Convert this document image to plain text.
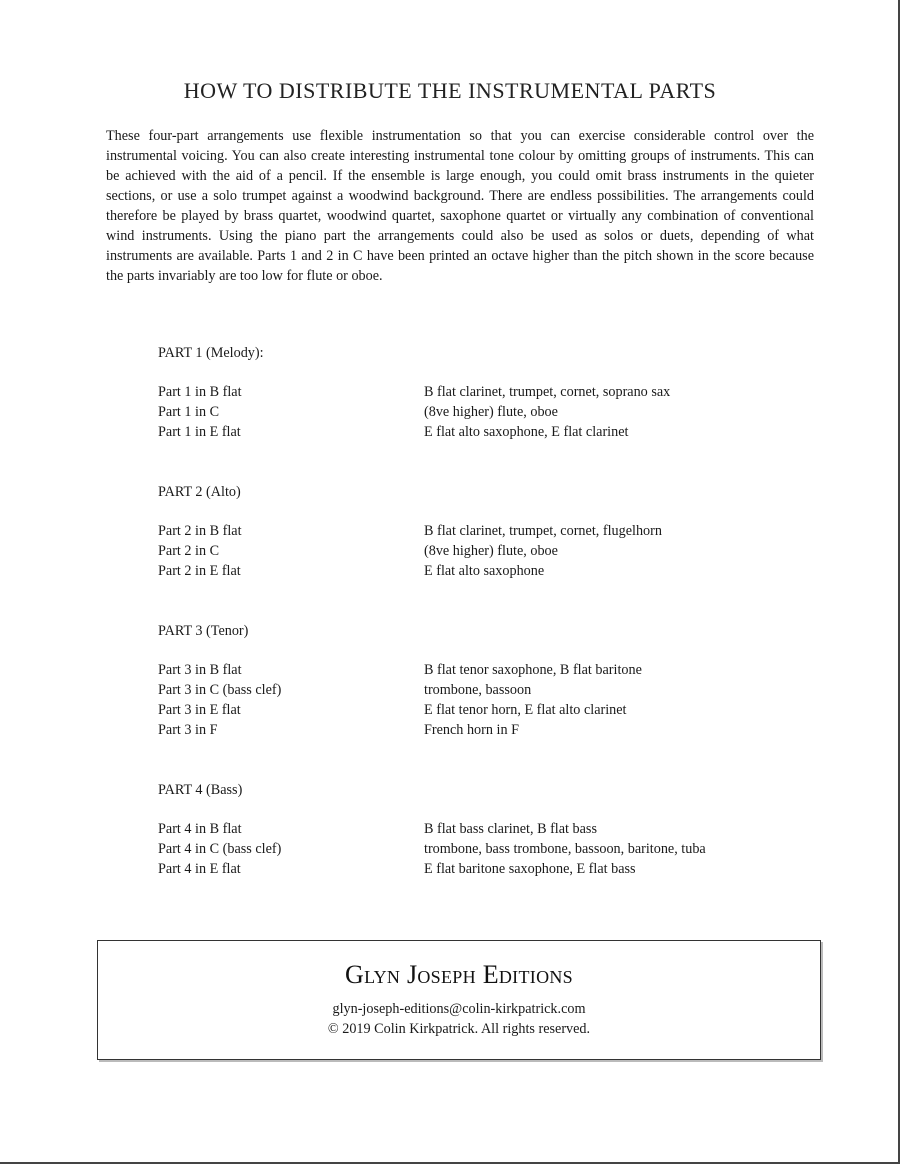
HOW TO DISTRIBUTE THE INSTRUMENTAL PARTS

These four-part arrangements use flexible instrumentation so that you can exercise considerable control over the instrumental voicing. You can also create interesting instrumental tone colour by omitting groups of instruments. This can be achieved with the aid of a pencil. If the ensemble is large enough, you could omit brass instruments in the quieter sections, or use a solo trumpet against a woodwind background. There are endless possibilities. The arrangements could therefore be played by brass quartet, woodwind quartet, saxophone quartet or virtually any combination of conventional wind instruments. Using the piano part the arrangements could also be used as solos or duets, depending of what instruments are available. Parts 1 and 2 in C have been printed an octave higher than the pitch shown in the score because the parts invariably are too low for flute or oboe.

PART 1 (Melody):
Part 1 in B flat	B flat clarinet, trumpet, cornet, soprano sax
Part 1 in C	(8ve higher) flute, oboe
Part 1 in E flat	E flat alto saxophone, E flat clarinet
PART 2 (Alto)
Part 2 in B flat	B flat clarinet, trumpet, cornet, flugelhorn
Part 2 in C	(8ve higher) flute, oboe
Part 2 in E flat	E flat alto saxophone
PART 3 (Tenor)
Part 3 in B flat	B flat tenor saxophone, B flat baritone
Part 3 in C (bass clef)	trombone, bassoon
Part 3 in E flat	E flat tenor horn, E flat alto clarinet
Part 3 in F	French horn in F
PART 4 (Bass)
Part 4 in B flat	B flat bass clarinet, B flat bass
Part 4 in C (bass clef)	trombone, bass trombone, bassoon, baritone, tuba
Part 4 in E flat	E flat baritone saxophone, E flat bass
Glyn Joseph Editions
glyn-joseph-editions@colin-kirkpatrick.com
© 2019 Colin Kirkpatrick. All rights reserved.
